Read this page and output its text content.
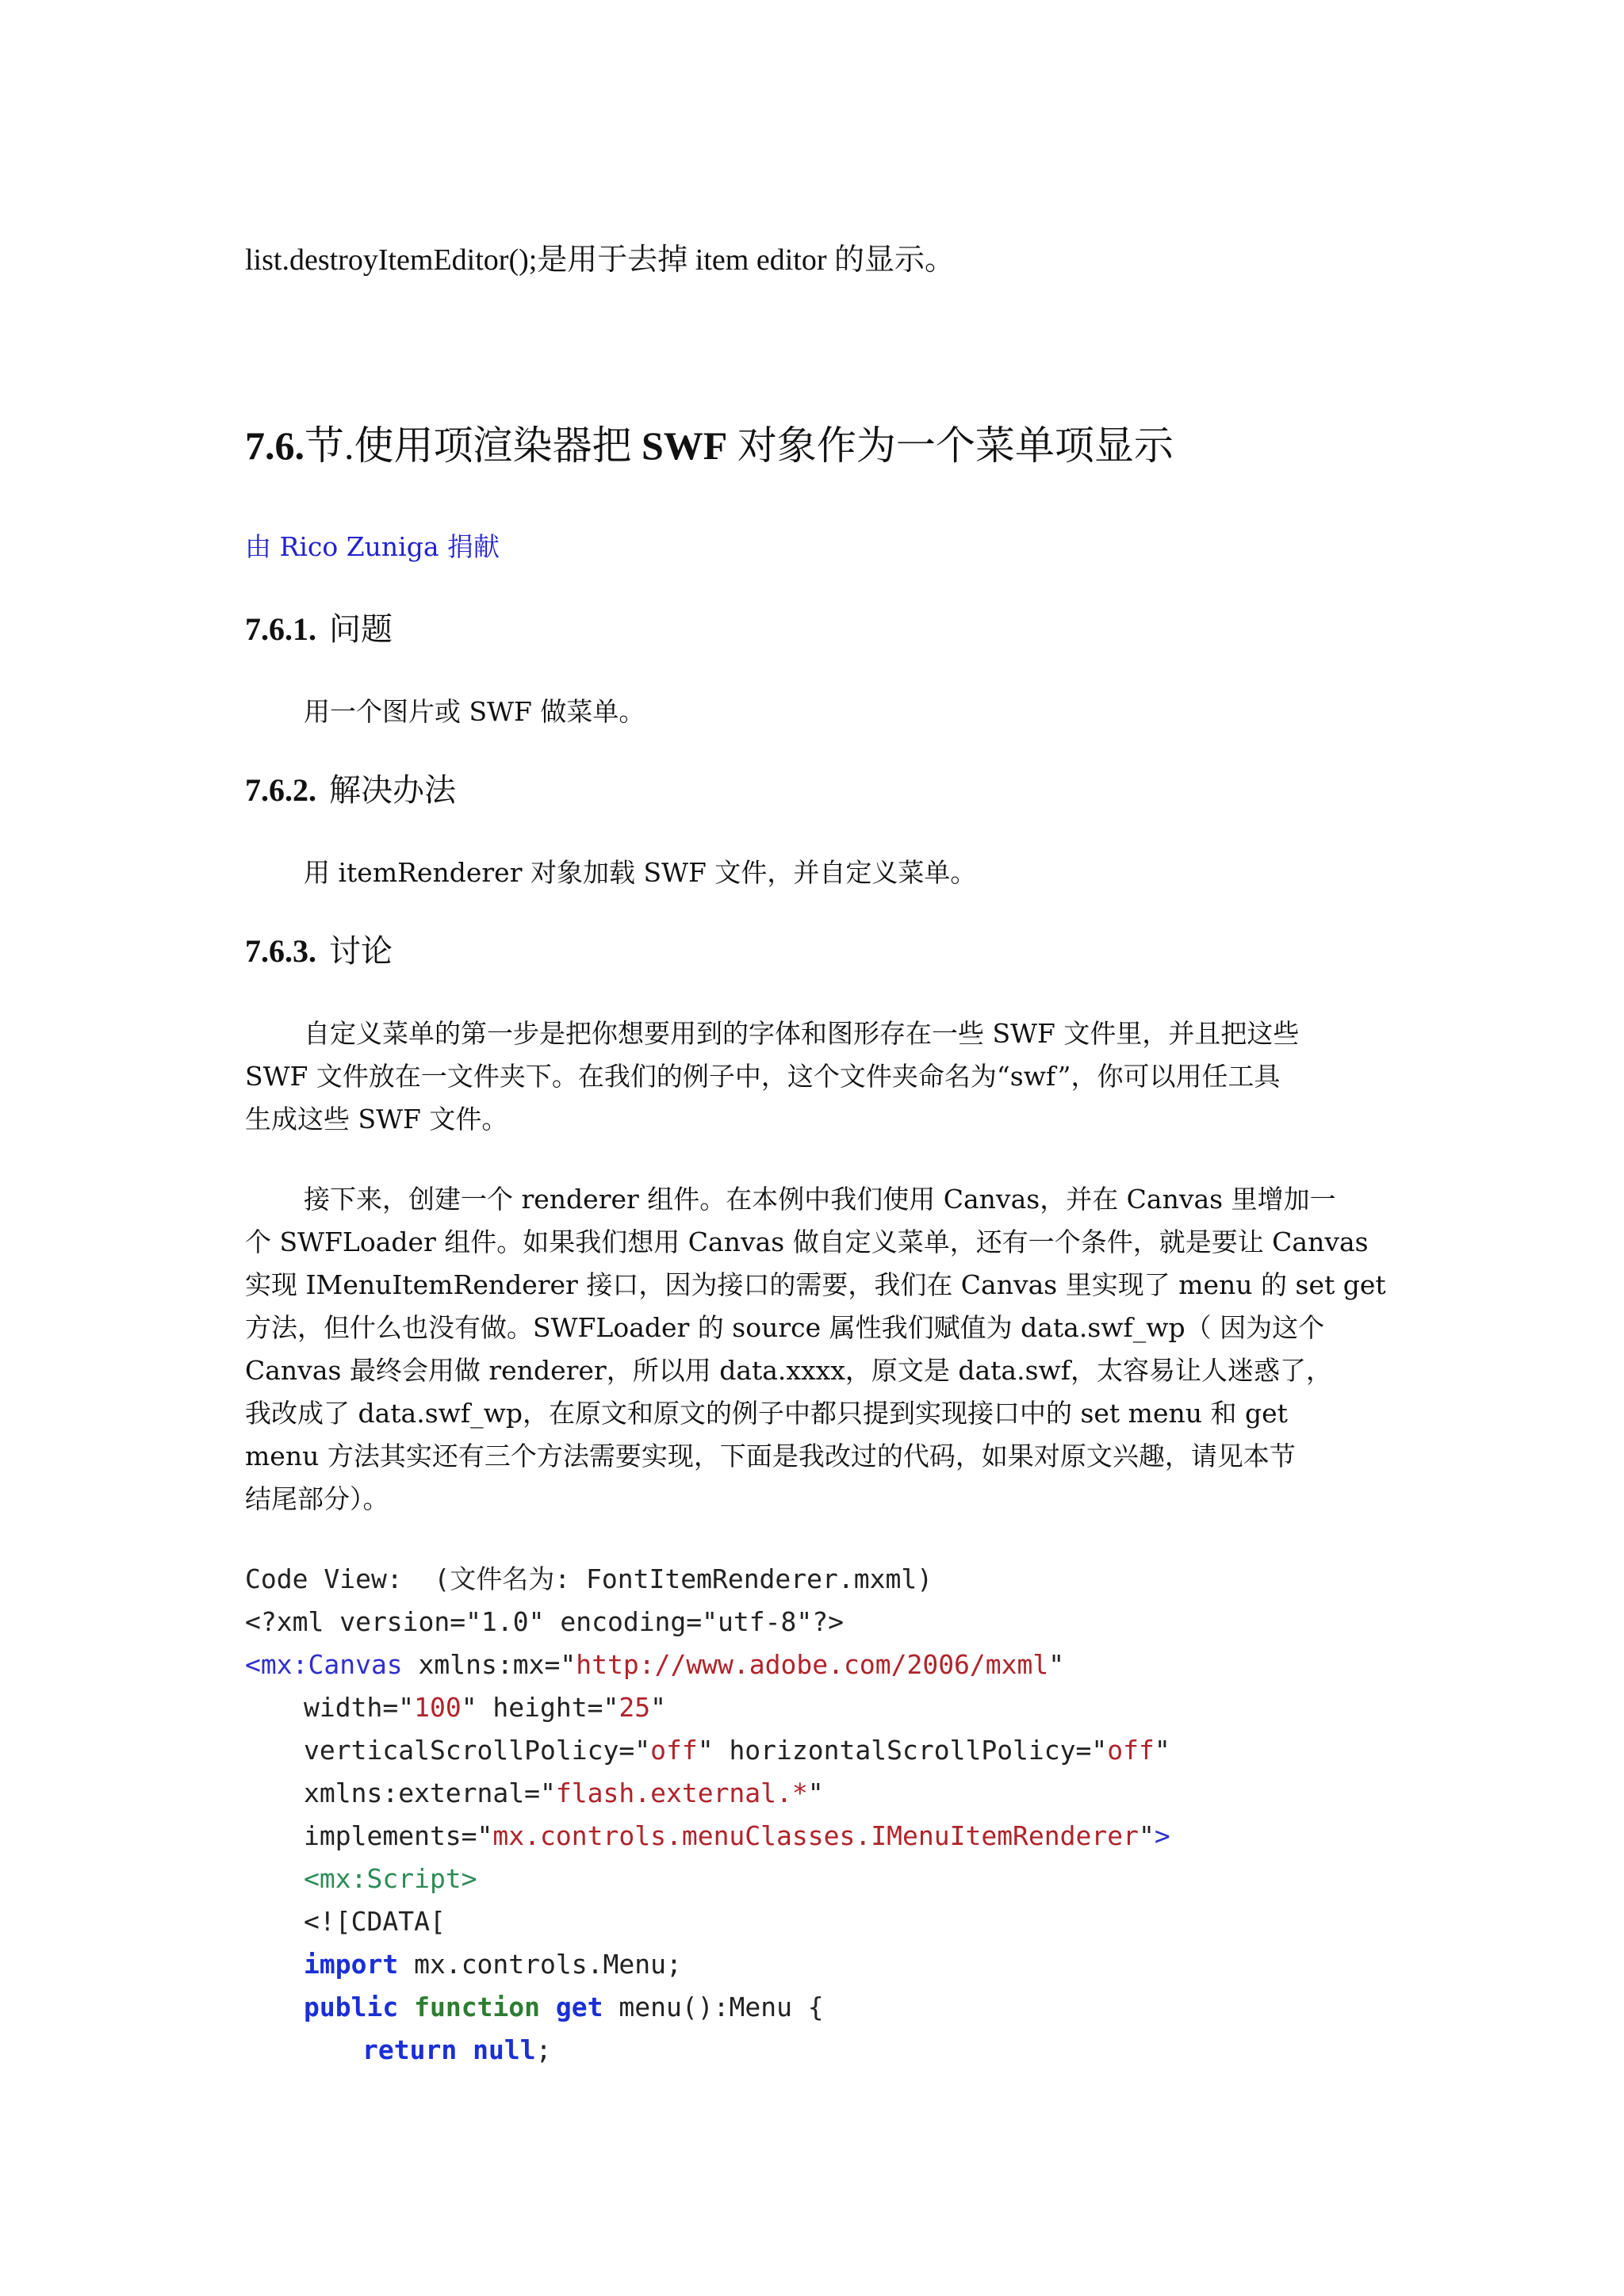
list.destroyItemEditor();是用于去掉 item editor 的显示。
7.6.节.使用项渲染器把 SWF 对象作为一个菜单项显示
由 Rico Zuniga 捐献
7.6.1. 问题
用一个图片或 SWF 做菜单。
7.6.2. 解决办法
用 itemRenderer 对象加载 SWF 文件，并自定义菜单。
7.6.3. 讨论
自定义菜单的第一步是把你想要用到的字体和图形存在一些 SWF 文件里，并且把这些
SWF 文件放在一文件夹下。在我们的例子中，这个文件夹命名为“swf”，你可以用任工具
生成这些 SWF 文件。
接下来，创建一个 renderer 组件。在本例中我们使用 Canvas，并在 Canvas 里增加一
个 SWFLoader 组件。如果我们想用 Canvas 做自定义菜单，还有一个条件，就是要让 Canvas
实现 IMenuItemRenderer 接口，因为接口的需要，我们在 Canvas 里实现了 menu 的 set get
方法，但什么也没有做。SWFLoader 的 source 属性我们赋值为 data.swf_wp（ 因为这个
Canvas 最终会用做 renderer，所以用 data.xxxx，原文是 data.swf，太容易让人迷惑了，
我改成了 data.swf_wp，在原文和原文的例子中都只提到实现接口中的 set menu 和 get
menu 方法其实还有三个方法需要实现，下面是我改过的代码，如果对原文兴趣，请见本节
结尾部分）。
Code View:  (文件名为: FontItemRenderer.mxml)
<?xml version="1.0" encoding="utf-8"?>
<mx:Canvas xmlns:mx="http://www.adobe.com/2006/mxml"
width="100" height="25"
verticalScrollPolicy="off" horizontalScrollPolicy="off"
xmlns:external="flash.external.*"
implements="mx.controls.menuClasses.IMenuItemRenderer">
<mx:Script>
<![CDATA[
import mx.controls.Menu;
public function get menu():Menu {
return null;
